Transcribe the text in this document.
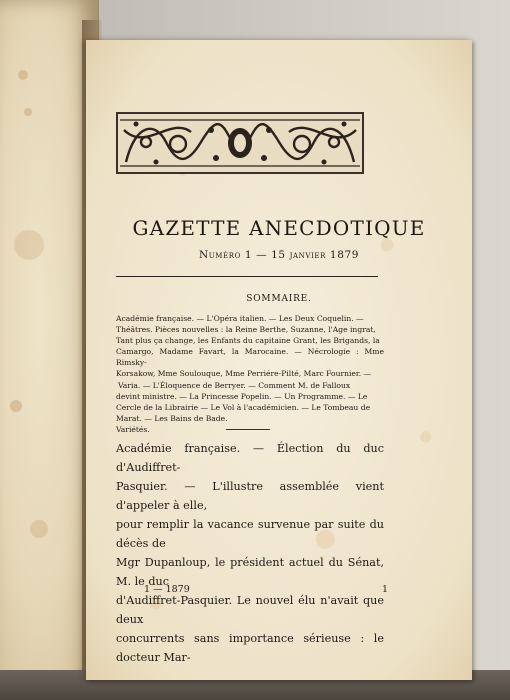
GAZETTE ANECDOTIQUE
Numéro 1 — 15 janvier 1879
SOMMAIRE.

Académie française. — L'Opéra italien. — Les Deux Coquelin. —

Théâtres. Pièces nouvelles : la Reine Berthe, Suzanne, l'Age ingrat,

Tant plus ça change, les Enfants du capitaine Grant, les Brigands, la

Camargo, Madame Favart, la Marocaine. — Nécrologie : Mme Rimsky-

Korsakow, Mme Soulouque, Mme Perriére-Pilté, Marc Fournier. —

Varia. — L'Éloquence de Berryer. — Comment M. de Falloux

devint ministre. — La Princesse Popelin. — Un Programme. — Le

Cercle de la Librairie — Le Vol à l'académicien. — Le Tombeau de

Marat. — Les Bains de Bade.

Variétés.

Académie française. — Élection du duc d'Audiffret-

Pasquier. — L'illustre assemblée vient d'appeler à elle,

pour remplir la vacance survenue par suite du décès de

Mgr Dupanloup, le président actuel du Sénat, M. le duc

d'Audiffret-Pasquier. Le nouvel élu n'avait que deux

concurrents sans importance sérieuse : le docteur Mar-

1 — 1879	1
